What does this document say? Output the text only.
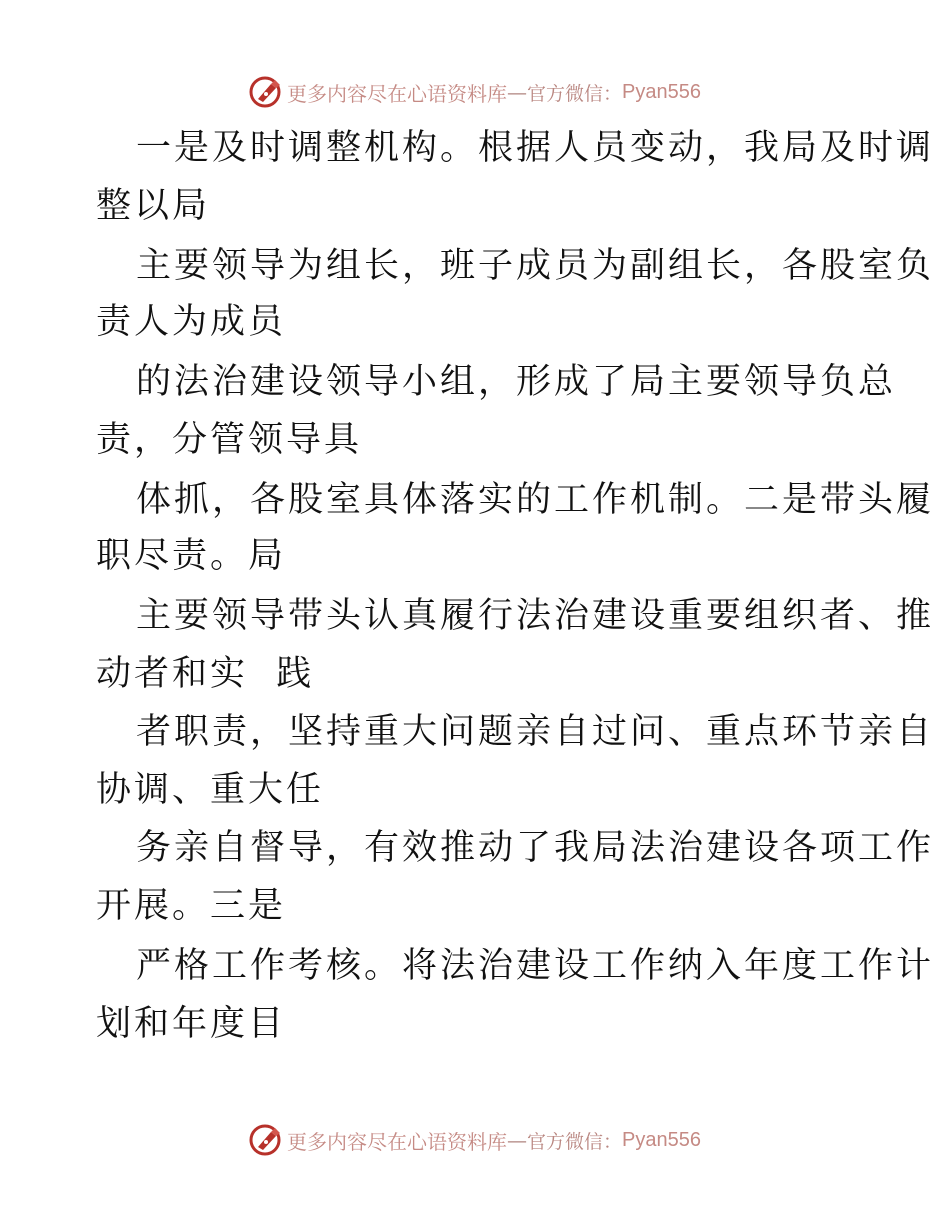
更多内容尽在心语资料库 — 官方微信： Pyan556
一是及时调整机构。根据人员变动，我局及时调
整以局
主要领导为组长，班子成员为副组长，各股室负
责人为成员
的法治建设领导小组，形成了局主要领导负总
责，分管领导具
体抓，各股室具体落实的工作机制。二是带头履
职尽责。局
主要领导带头认真履行法治建设重要组织者、推
动者和实  践
者职责，坚持重大问题亲自过问、重点环节亲自
协调、重大任
务亲自督导，有效推动了我局法治建设各项工作
开展。三是
严格工作考核。将法治建设工作纳入年度工作计
划和年度目
更多内容尽在心语资料库 — 官方微信： Pyan556
